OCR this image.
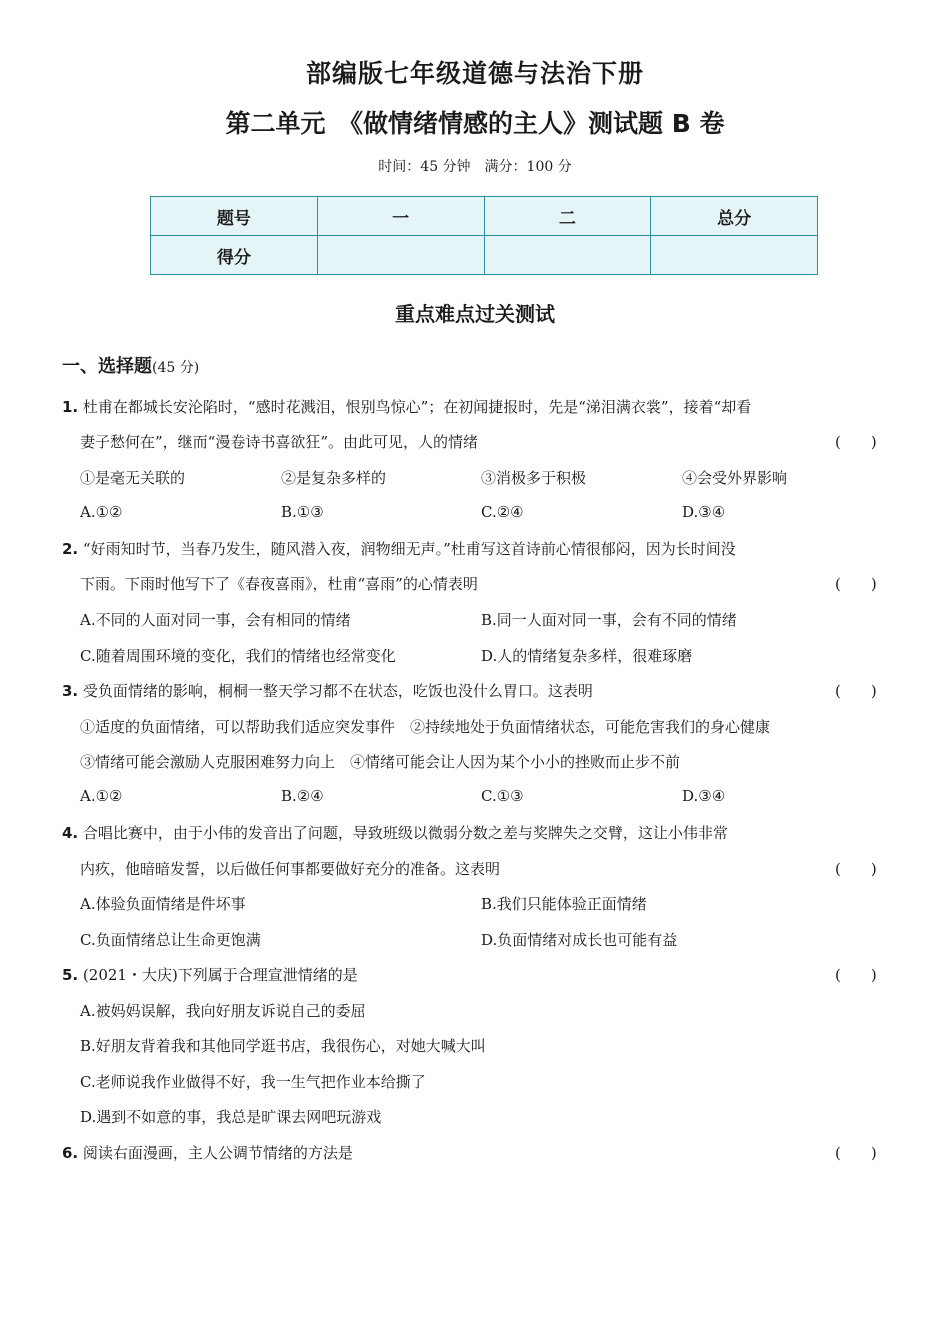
部编版七年级道德与法治下册
第二单元　《做情绪情感的主人》测试题 B 卷
时间：45 分钟　满分：100 分
题号	一	二	总分
得分			
重点难点过关测试
一、选择题(45 分)
1. 杜甫在都城长安沦陷时，“感时花溅泪，恨别鸟惊心”；在初闻捷报时，先是“涕泪满衣裳”，接着“却看
妻子愁何在”，继而“漫卷诗书喜欲狂”。由此可见，人的情绪	(　　)
①是毫无关联的	②是复杂多样的	③消极多于积极	④会受外界影响
A.①②	B.①③	C.②④	D.③④
2. “好雨知时节，当春乃发生，随风潜入夜，润物细无声。”杜甫写这首诗前心情很郁闷，因为长时间没
下雨。下雨时他写下了《春夜喜雨》，杜甫“喜雨”的心情表明	(　　)
A.不同的人面对同一事，会有相同的情绪	B.同一人面对同一事，会有不同的情绪
C.随着周围环境的变化，我们的情绪也经常变化	D.人的情绪复杂多样，很难琢磨
3. 受负面情绪的影响，桐桐一整天学习都不在状态，吃饭也没什么胃口。这表明	(　　)
①适度的负面情绪，可以帮助我们适应突发事件　②持续地处于负面情绪状态，可能危害我们的身心健康
③情绪可能会激励人克服困难努力向上　④情绪可能会让人因为某个小小的挫败而止步不前
A.①②	B.②④	C.①③	D.③④
4. 合唱比赛中，由于小伟的发音出了问题，导致班级以微弱分数之差与奖牌失之交臂，这让小伟非常
内疚，他暗暗发誓，以后做任何事都要做好充分的准备。这表明	(　　)
A.体验负面情绪是件坏事	B.我们只能体验正面情绪
C.负面情绪总让生命更饱满	D.负面情绪对成长也可能有益
5. (2021・大庆)下列属于合理宣泄情绪的是	(　　)
A.被妈妈误解，我向好朋友诉说自己的委屈
B.好朋友背着我和其他同学逛书店，我很伤心，对她大喊大叫
C.老师说我作业做得不好，我一生气把作业本给撕了
D.遇到不如意的事，我总是旷课去网吧玩游戏
6. 阅读右面漫画，主人公调节情绪的方法是	(　　)
